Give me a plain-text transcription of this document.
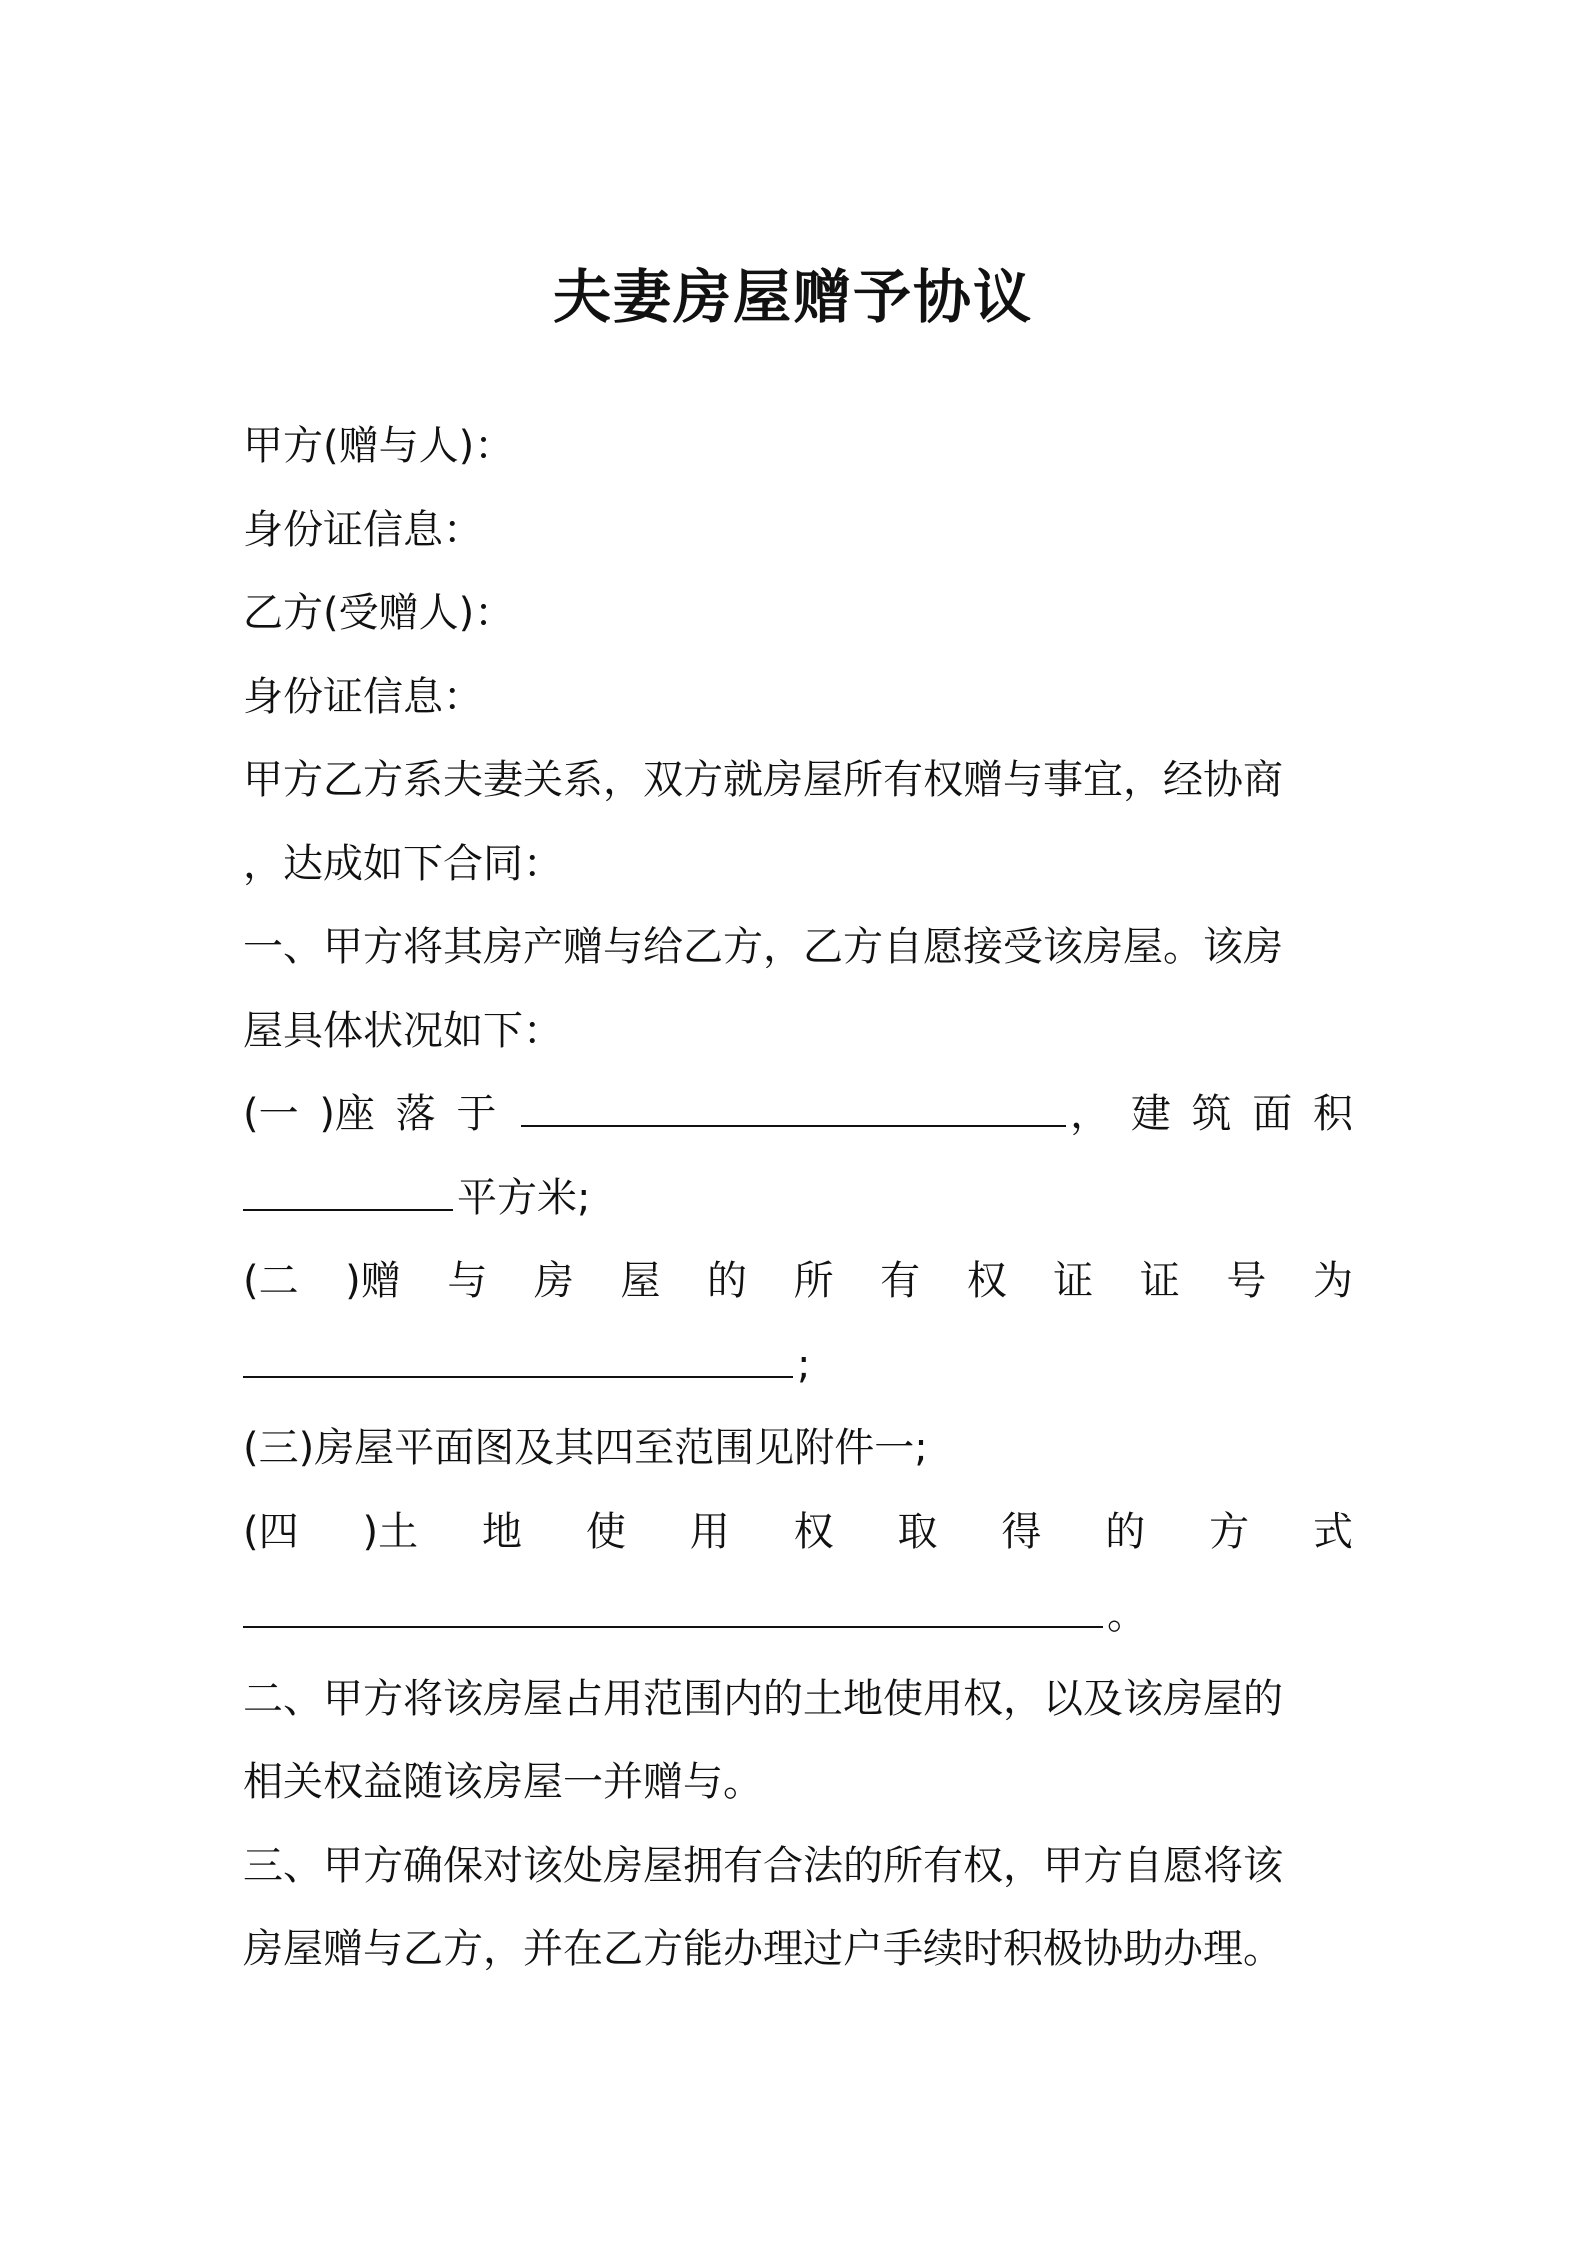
夫妻房屋赠予协议
甲方(赠与人)：
身份证信息：
乙方(受赠人)：
身份证信息：
甲方乙方系夫妻关系，双方就房屋所有权赠与事宜，经协商
，达成如下合同：
一、甲方将其房产赠与给乙方，乙方自愿接受该房屋。该房
屋具体状况如下：
(一 )座 落 于	， 建 筑 面 积
平方米;
(二 )赠 与 房 屋 的 所 有 权 证 证 号 为
;
(三)房屋平面图及其四至范围见附件一;
(四 )土 地 使 用 权 取 得 的 方 式
。
二、甲方将该房屋占用范围内的土地使用权，以及该房屋的
相关权益随该房屋一并赠与。
三、甲方确保对该处房屋拥有合法的所有权，甲方自愿将该
房屋赠与乙方，并在乙方能办理过户手续时积极协助办理。
